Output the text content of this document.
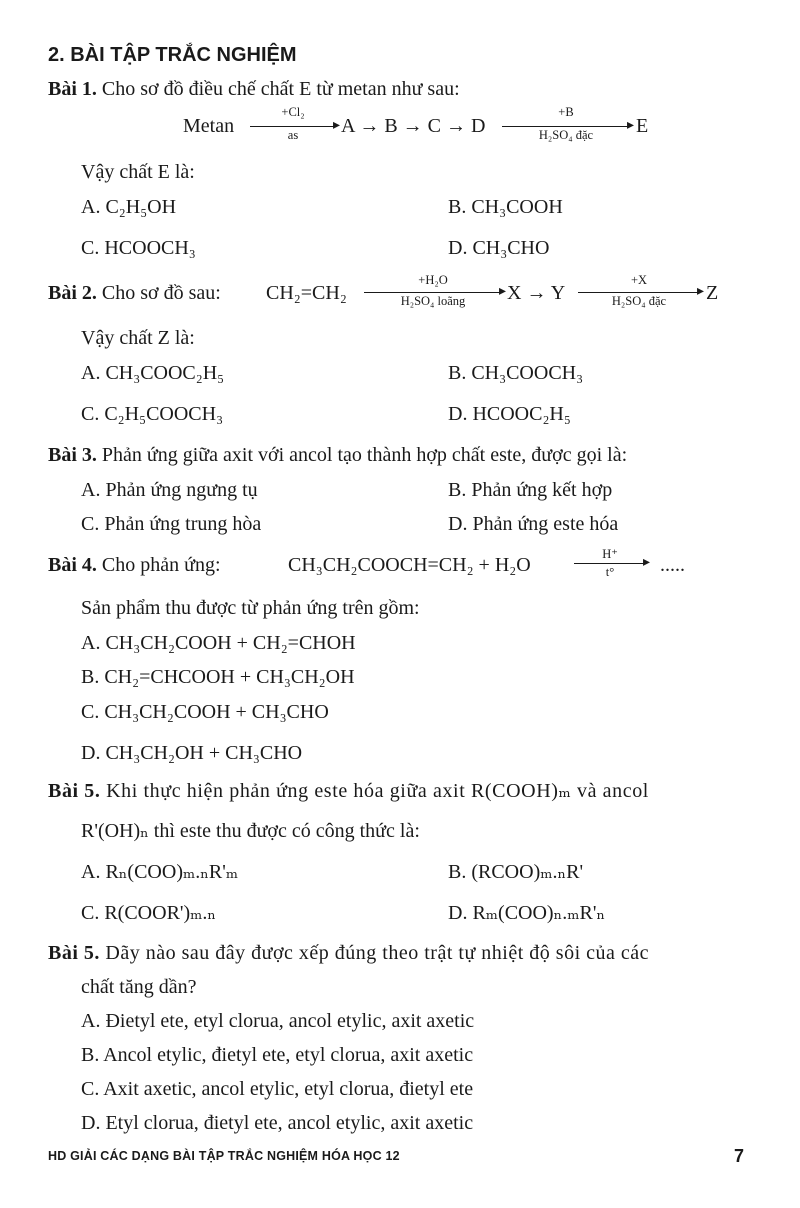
2. BÀI TẬP TRẮC NGHIỆM
Bài 1. Cho sơ đồ điều chế chất E từ metan như sau:
Metan
+Cl₂
▸
as	A → B → C → D
+B
▸
H₂SO₄ đặc	E
Vậy chất E là:
A. C₂H₅OH	B. CH₃COOH
C. HCOOCH₃	D. CH₃CHO
Bài 2. Cho sơ đồ sau: CH₂=CH₂
+H₂O
▸
H₂SO₄ loãng	X → Y
+X
▸
H₂SO₄ đặc	Z
Vậy chất Z là:
A. CH₃COOC₂H₅	B. CH₃COOCH₃
C. C₂H₅COOCH₃	D. HCOOC₂H₅
Bài 3. Phản ứng giữa axit với ancol tạo thành hợp chất este, được gọi là:
A. Phản ứng ngưng tụ	B. Phản ứng kết hợp
C. Phản ứng trung hòa	D. Phản ứng este hóa
Bài 4. Cho phản ứng:	CH₃CH₂COOCH=CH₂ + H₂O	H⁺
▸
t°	.....
Sản phẩm thu được từ phản ứng trên gồm:
A. CH₃CH₂COOH + CH₂=CHOH
B. CH₂=CHCOOH + CH₃CH₂OH
C. CH₃CH₂COOH + CH₃CHO
D. CH₃CH₂OH + CH₃CHO
Bài 5. Khi thực hiện phản ứng este hóa giữa axit R(COOH)ₘ và ancol
R'(OH)ₙ thì este thu được có công thức là:
A. Rₙ(COO)ₘ.ₙR'ₘ	B. (RCOO)ₘ.ₙR'
C. R(COOR')ₘ.ₙ	D. Rₘ(COO)ₙ.ₘR'ₙ
Bài 5. Dãy nào sau đây được xếp đúng theo trật tự nhiệt độ sôi của các
chất tăng dần?
A. Đietyl ete, etyl clorua, ancol etylic, axit axetic
B. Ancol etylic, đietyl ete, etyl clorua, axit axetic
C. Axit axetic, ancol etylic, etyl clorua, đietyl ete
D. Etyl clorua, đietyl ete, ancol etylic, axit axetic
HD GIẢI CÁC DẠNG BÀI TẬP TRẮC NGHIỆM HÓA HỌC 12	7
